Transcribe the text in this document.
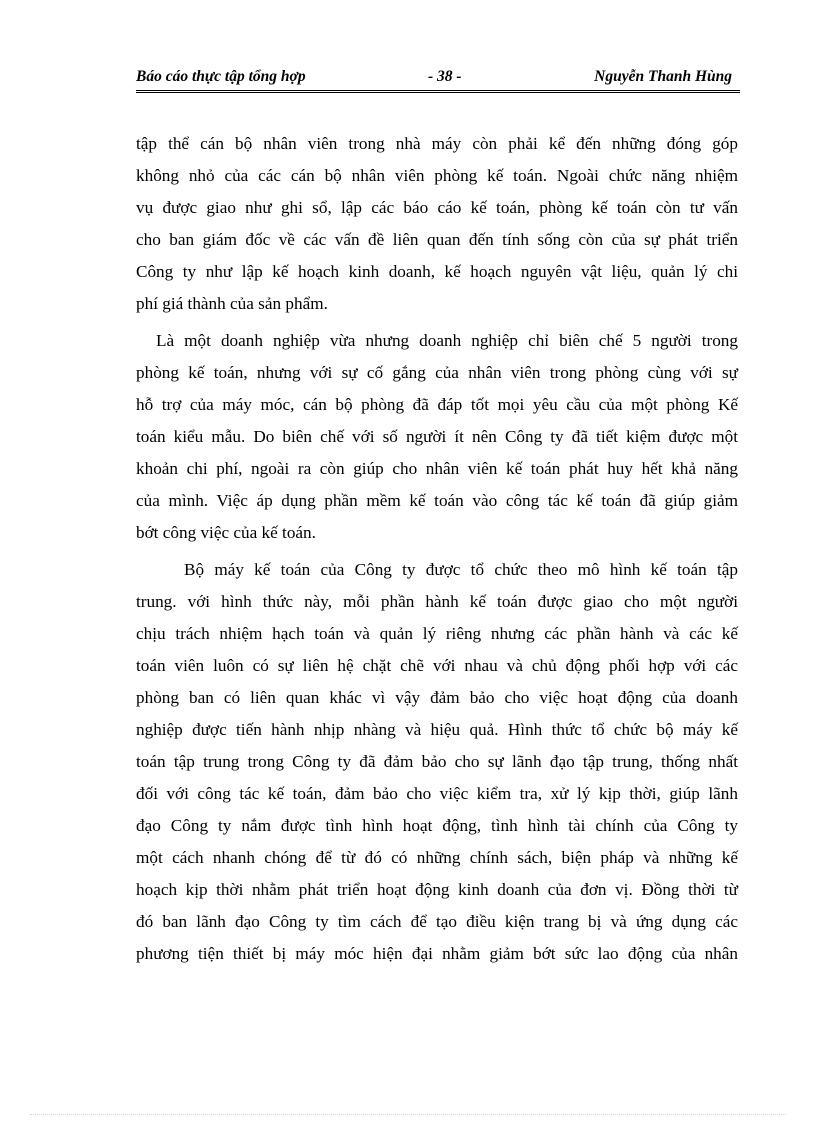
Báo cáo thực tập tổng hợp	- 38 -	Nguyễn Thanh Hùng
tập thể cán bộ nhân viên trong nhà máy còn phải kể đến những đóng góp
không nhỏ của các cán bộ nhân viên phòng kế toán. Ngoài chức năng nhiệm
vụ được giao như ghi sổ, lập các báo cáo kế toán, phòng kế toán còn tư vấn
cho ban giám đốc về các vấn đề liên quan đến tính sống còn của sự phát triển
Công ty như lập kế hoạch kinh doanh, kế hoạch nguyên vật liệu, quản lý chi
phí giá thành của sản phẩm.
Là một doanh nghiệp vừa nhưng doanh nghiệp chỉ biên chế 5 người trong
phòng kế toán, nhưng với sự cố gắng của nhân viên trong phòng cùng với sự
hỗ trợ của máy móc, cán bộ phòng đã đáp tốt mọi yêu cầu của một phòng Kế
toán kiểu mẫu. Do biên chế với số người ít nên Công ty đã tiết kiệm được một
khoản chi phí, ngoài ra còn giúp cho nhân viên kế toán phát huy hết khả năng
của mình. Việc áp dụng phần mềm kế toán vào công tác kế toán đã giúp giảm
bớt công việc của kế toán.
Bộ máy kế toán của Công ty được tổ chức theo mô hình kế toán tập
trung. với hình thức này, mỗi phần hành kế toán được giao cho một người
chịu trách nhiệm hạch toán và quản lý riêng nhưng các phần hành và các kế
toán viên luôn có sự liên hệ chặt chẽ với nhau và chủ động phối hợp với các
phòng ban có liên quan khác vì vậy đảm bảo cho việc hoạt động của doanh
nghiệp được tiến hành nhịp nhàng và hiệu quả. Hình thức tổ chức bộ máy kế
toán tập trung trong Công ty đã đảm bảo cho sự lãnh đạo tập trung, thống nhất
đối với công tác kế toán, đảm bảo cho việc kiểm tra, xử lý kịp thời, giúp lãnh
đạo Công ty nắm được tình hình hoạt động, tình hình tài chính của Công ty
một cách nhanh chóng để từ đó có những chính sách, biện pháp và những kế
hoạch kịp thời nhằm phát triển hoạt động kinh doanh của đơn vị. Đồng thời từ
đó ban lãnh đạo Công ty tìm cách để tạo điều kiện trang bị và ứng dụng các
phương tiện thiết bị máy móc hiện đại nhằm giảm bớt sức lao động của nhân
